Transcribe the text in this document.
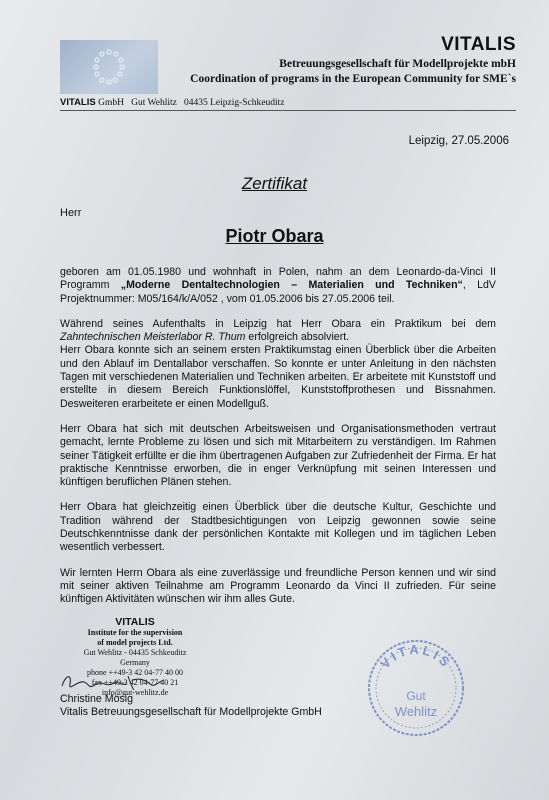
VITALIS
Betreuungsgesellschaft für Modellprojekte mbH
Coordination of programs in the European Community for SME`s
VITALIS GmbH   Gut Wehlitz   04435 Leipzig-Schkeuditz
Leipzig, 27.05.2006
Zertifikat
Herr
Piotr Obara

geboren am 01.05.1980 und wohnhaft in Polen, nahm an dem Leonardo-da-Vinci II Programm „Moderne Dentaltechnologien – Materialien und Techniken“, LdV Projektnummer: M05/164/k/A/052 , vom 01.05.2006 bis 27.05.2006 teil.

Während seines Aufenthalts in Leipzig hat Herr Obara ein Praktikum bei dem Zahntechnischen Meisterlabor R. Thum erfolgreich absolviert.
Herr Obara konnte sich an seinem ersten Praktikumstag einen Überblick über die Arbeiten und den Ablauf im Dentallabor verschaffen. So konnte er unter Anleitung in den nächsten Tagen mit verschiedenen Materialien und Techniken arbeiten. Er arbeitete mit Kunststoff und erstellte in diesem Bereich Funktionslöffel, Kunststoffprothesen und Bissnahmen. Desweiteren erarbeitete er einen Modellguß.

Herr Obara hat sich mit deutschen Arbeitsweisen und Organisationsmethoden vertraut gemacht, lernte Probleme zu lösen und sich mit Mitarbeitern zu verständigen. Im Rahmen seiner Tätigkeit erfüllte er die ihm übertragenen Aufgaben zur Zufriedenheit der Firma. Er hat praktische Kenntnisse erworben, die in enger Verknüpfung mit seinen Interessen und künftigen beruflichen Plänen stehen.

Herr Obara hat gleichzeitig einen Überblick über die deutsche Kultur, Geschichte und Tradition während der Stadtbesichtigungen von Leipzig gewonnen sowie seine Deutschkenntnisse dank der persönlichen Kontakte mit Kollegen und im täglichen Leben wesentlich verbessert.

Wir lernten Herrn Obara als eine zuverlässige und freundliche Person kennen und wir sind mit seiner aktiven Teilnahme am Programm Leonardo da Vinci II zufrieden. Für seine künftigen Aktivitäten wünschen wir ihm alles Gute.

VITALIS
Institute for the supervision
of model projects Ltd.
Gut Wehlitz - 04435 Schkeuditz
Germany
phone ++49-3 42 04-77 40 00
fax ++49-3 42 04-77 40 21
info@gut-wehlitz.de
Christine Mosig
Vitalis Betreuungsgesellschaft für Modellprojekte GmbH
VITALIS
Gut
Wehlitz
